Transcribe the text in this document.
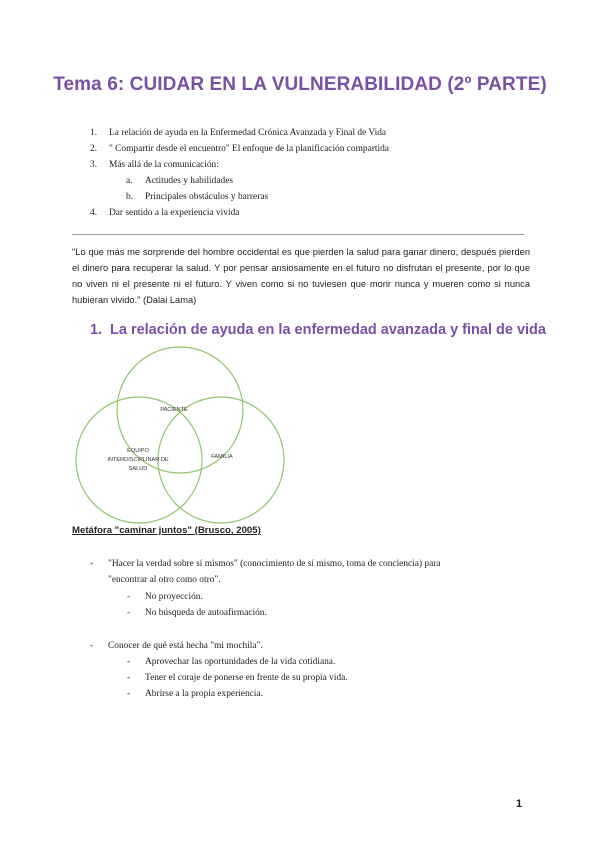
Tema 6: CUIDAR EN LA VULNERABILIDAD (2º PARTE)
1. La relación de ayuda en la Enfermedad Crónica Avanzada y Final de Vida
2. " Compartir desde el encuentro" El enfoque de la planificación compartida
3. Más allá de la comunicación:
a. Actitudes y habilidades
b. Principales obstáculos y barreras
4. Dar sentido a la experiencia vivida
"Lo que más me sorprende del hombre occidental es que pierden la salud para ganar dinero, después pierden el dinero para recuperar la salud. Y por pensar ansiosamente en el futuro no disfrutan el presente, por lo que no viven ni el presente ni el futuro. Y viven como si no tuviesen que morir nunca y mueren como si nunca hubieran vivido." (Dalai Lama)
1. La relación de ayuda en la enfermedad avanzada y final de vida
PACIENTE
EQUIPO
INTERDISCIPLINAR DE
SALUD
FAMILIA
Metáfora "caminar juntos" (Brusco, 2005)
- "Hacer la verdad sobre sí mismos" (conocimiento de sí mismo, toma de conciencia) para
"encontrar al otro como otro".
- No proyección.
- No búsqueda de autoafirmación.
- Conocer de qué está hecha "mi mochila".
- Aprovechar las oportunidades de la vida cotidiana.
- Tener el coraje de ponerse en frente de su propia vida.
- Abrirse a la propia experiencia.
1
